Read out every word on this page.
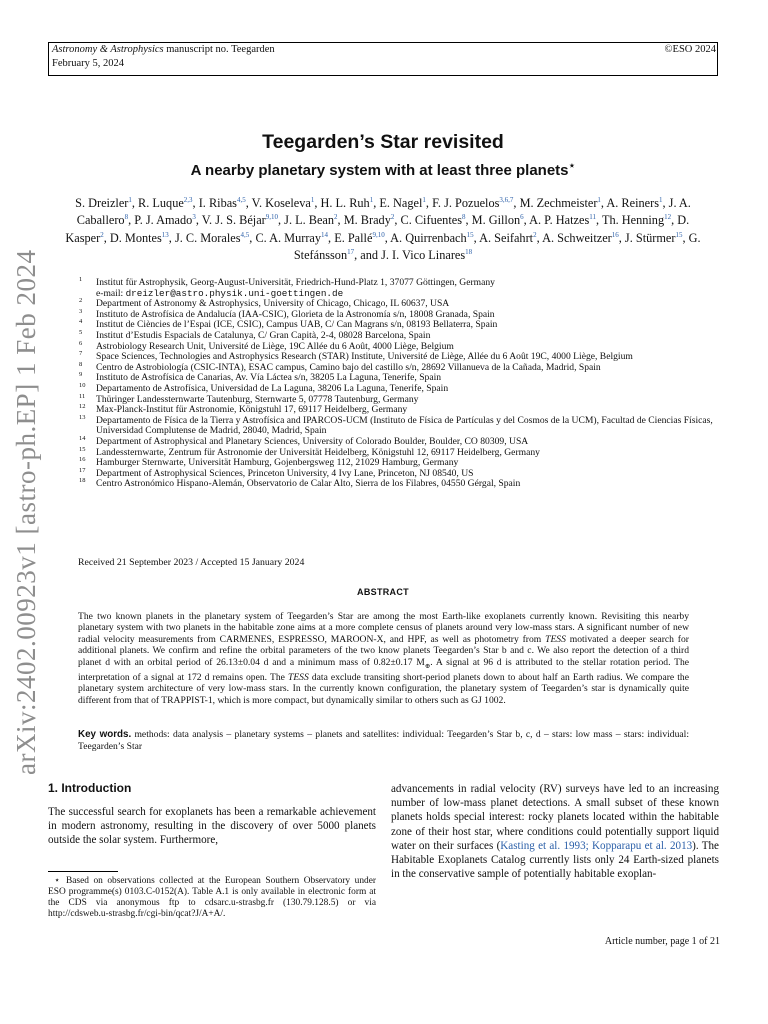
Astronomy & Astrophysics manuscript no. Teegarden
February 5, 2024
©ESO 2024
arXiv:2402.00923v1 [astro-ph.EP] 1 Feb 2024
Teegarden’s Star revisited
A nearby planetary system with at least three planets⋆
S. Dreizler$^1$, R. Luque$^{2,3}$, I. Ribas$^{4,5}$, V. Koseleva$^1$, H. L. Ruh$^1$, E. Nagel$^1$, F. J. Pozuelos$^{3,6,7}$, M. Zechmeister$^1$, A. Reiners$^1$, J. A. Caballero$^8$, P. J. Amado$^3$, V. J. S. Béjar$^{9,10}$, J. L. Bean$^2$, M. Brady$^2$, C. Cifuentes$^8$, M. Gillon$^6$, A. P. Hatzes$^{11}$, Th. Henning$^{12}$, D. Kasper$^2$, D. Montes$^{13}$, J. C. Morales$^{4,5}$, C. A. Murray$^{14}$, E. Pallé$^{9,10}$, A. Quirrenbach$^{15}$, A. Seifahrt$^2$, A. Schweitzer$^{16}$, J. Stürmer$^{15}$, G. Stefánsson$^{17}$, and J. I. Vico Linares$^{18}$
1 Institut für Astrophysik, Georg-August-Universität, Friedrich-Hund-Platz 1, 37077 Göttingen, Germany
e-mail: dreizler@astro.physik.uni-goettingen.de
2 Department of Astronomy & Astrophysics, University of Chicago, Chicago, IL 60637, USA
3 Instituto de Astrofísica de Andalucía (IAA-CSIC), Glorieta de la Astronomía s/n, 18008 Granada, Spain
4 Institut de Ciències de l’Espai (ICE, CSIC), Campus UAB, C/ Can Magrans s/n, 08193 Bellaterra, Spain
5 Institut d’Estudis Espacials de Catalunya, C/ Gran Capità, 2-4, 08028 Barcelona, Spain
6 Astrobiology Research Unit, Université de Liège, 19C Allée du 6 Août, 4000 Liège, Belgium
7 Space Sciences, Technologies and Astrophysics Research (STAR) Institute, Université de Liège, Allée du 6 Août 19C, 4000 Liège, Belgium
8 Centro de Astrobiología (CSIC-INTA), ESAC campus, Camino bajo del castillo s/n, 28692 Villanueva de la Cañada, Madrid, Spain
9 Instituto de Astrofísica de Canarias, Av. Vía Láctea s/n, 38205 La Laguna, Tenerife, Spain
10 Departamento de Astrofísica, Universidad de La Laguna, 38206 La Laguna, Tenerife, Spain
11 Thüringer Landessternwarte Tautenburg, Sternwarte 5, 07778 Tautenburg, Germany
12 Max-Planck-Institut für Astronomie, Königstuhl 17, 69117 Heidelberg, Germany
13 Departamento de Física de la Tierra y Astrofísica and IPARCOS-UCM (Instituto de Física de Partículas y del Cosmos de la UCM), Facultad de Ciencias Físicas, Universidad Complutense de Madrid, 28040, Madrid, Spain
14 Department of Astrophysical and Planetary Sciences, University of Colorado Boulder, Boulder, CO 80309, USA
15 Landessternwarte, Zentrum für Astronomie der Universität Heidelberg, Königstuhl 12, 69117 Heidelberg, Germany
16 Hamburger Sternwarte, Universität Hamburg, Gojenbergsweg 112, 21029 Hamburg, Germany
17 Department of Astrophysical Sciences, Princeton University, 4 Ivy Lane, Princeton, NJ 08540, US
18 Centro Astronómico Hispano-Alemán, Observatorio de Calar Alto, Sierra de los Filabres, 04550 Gérgal, Spain
Received 21 September 2023 / Accepted 15 January 2024
ABSTRACT
The two known planets in the planetary system of Teegarden’s Star are among the most Earth-like exoplanets currently known. Revisiting this nearby planetary system with two planets in the habitable zone aims at a more complete census of planets around very low-mass stars. A significant number of new radial velocity measurements from CARMENES, ESPRESSO, MAROON-X, and HPF, as well as photometry from TESS motivated a deeper search for additional planets. We confirm and refine the orbital parameters of the two know planets Teegarden’s Star b and c. We also report the detection of a third planet d with an orbital period of 26.13±0.04 d and a minimum mass of 0.82±0.17 $M_\oplus$. A signal at 96 d is attributed to the stellar rotation period. The interpretation of a signal at 172 d remains open. The TESS data exclude transiting short-period planets down to about half an Earth radius. We compare the planetary system architecture of very low-mass stars. In the currently known configuration, the planetary system of Teegarden’s star is dynamically quite different from that of TRAPPIST-1, which is more compact, but dynamically similar to others such as GJ 1002.
Key words. methods: data analysis – planetary systems – planets and satellites: individual: Teegarden’s Star b, c, d – stars: low mass – stars: individual: Teegarden’s Star
1. Introduction
The successful search for exoplanets has been a remarkable achievement in modern astronomy, resulting in the discovery of over 5000 planets outside the solar system. Furthermore,
advancements in radial velocity (RV) surveys have led to an increasing number of low-mass planet detections. A small subset of these known planets holds special interest: rocky planets located within the habitable zone of their host star, where conditions could potentially support liquid water on their surfaces (Kasting et al. 1993; Kopparapu et al. 2013). The Habitable Exoplanets Catalog currently lists only 24 Earth-sized planets in the conservative sample of potentially habitable exoplan-
⋆ Based on observations collected at the European Southern Observatory under ESO programme(s) 0103.C-0152(A). Table A.1 is only available in electronic form at the CDS via anonymous ftp to cdsarc.u-strasbg.fr (130.79.128.5) or via http://cdsweb.u-strasbg.fr/cgi-bin/qcat?J/A+A/.
Article number, page 1 of 21
